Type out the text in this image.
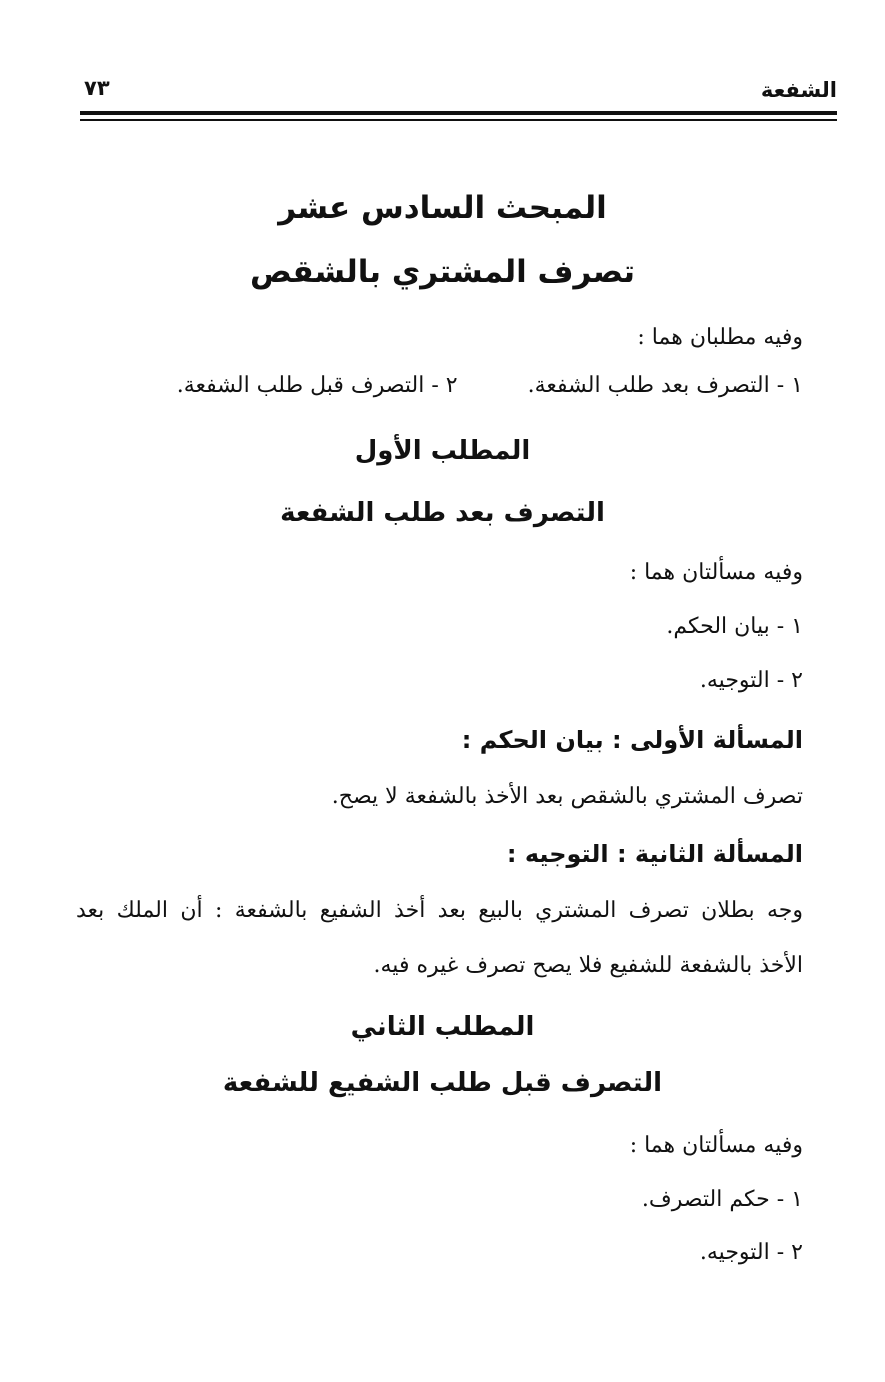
الشفعة
٧٣
المبحث السادس عشر
تصرف المشتري بالشقص
وفيه مطلبان هما :
١ - التصرف بعد طلب الشفعة.  ٢ - التصرف قبل طلب الشفعة.
المطلب الأول
التصرف بعد طلب الشفعة
وفيه مسألتان هما :
١ - بيان الحكم.
٢ - التوجيه.
المسألة الأولى : بيان الحكم :
تصرف المشتري بالشقص بعد الأخذ بالشفعة لا يصح.
المسألة الثانية : التوجيه :
وجه بطلان تصرف المشتري بالبيع بعد أخذ الشفيع بالشفعة : أن الملك بعد
الأخذ بالشفعة للشفيع فلا يصح تصرف غيره فيه.
المطلب الثاني
التصرف قبل طلب الشفيع للشفعة
وفيه مسألتان هما :
١ - حكم التصرف.
٢ - التوجيه.
